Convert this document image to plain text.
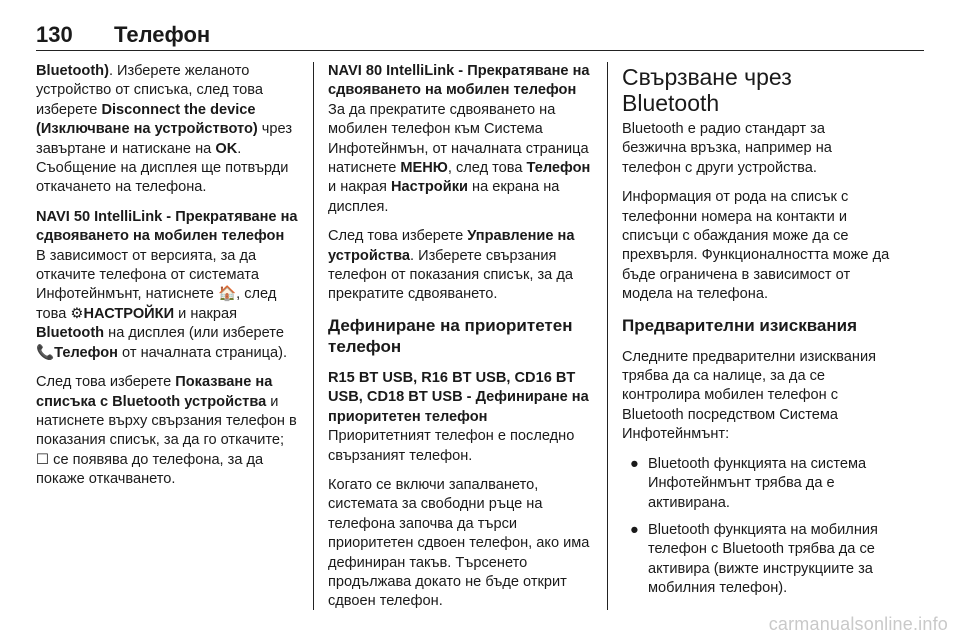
130 Телефон

Bluetooth). Изберете желаното устройство от списъка, след това изберете Disconnect the device (Изключване на устройството) чрез завъртане и натискане на OK. Съобщение на дисплея ще потвърди откачането на телефона.

NAVI 50 IntelliLink - Прекратяване на сдвояването на мобилен телефон

В зависимост от версията, за да откачите телефона от системата Инфотейнмънт, натиснете 🏠, след това ⚙НАСТРОЙКИ и накрая Bluetooth на дисплея (или изберете 📞Телефон от началната страница).

След това изберете Показване на списъка с Bluetooth устройства и натиснете върху свързания телефон в показания списък, за да го откачите; ☐ се появява до телефона, за да покаже откачването.

NAVI 80 IntelliLink - Прекратяване на сдвояването на мобилен телефон

За да прекратите сдвояването на мобилен телефон към Система Инфотейнмън, от началната страница натиснете МЕНЮ, след това Телефон и накрая Настройки на екрана на дисплея.

След това изберете Управление на устройства. Изберете свързания телефон от показания списък, за да прекратите сдвояването.

Дефиниране на приоритетен телефон
R15 BT USB, R16 BT USB, CD16 BT USB, CD18 BT USB - Дефиниране на приоритетен телефон

Приоритетният телефон е последно свързаният телефон.

Когато се включи запалването, системата за свободни ръце на телефона започва да търси приоритетен сдвоен телефон, ако има дефиниран такъв. Търсенето продължава докато не бъде открит сдвоен телефон.

Свързване чрез Bluetooth

Bluetooth е радио стандарт за безжична връзка, например на телефон с други устройства.

Информация от рода на списък с телефонни номера на контакти и списъци с обаждания може да се прехвърля. Функционалността може да бъде ограничена в зависимост от модела на телефона.

Предварителни изисквания

Следните предварителни изисквания трябва да са налице, за да се контролира мобилен телефон с Bluetooth посредством Система Инфотейнмънт:

● Bluetooth функцията на система Инфотейнмънт трябва да е активирана.
● Bluetooth функцията на мобилния телефон с Bluetooth трябва да се активира (вижте инструкциите за мобилния телефон).
carmanualsonline.info
